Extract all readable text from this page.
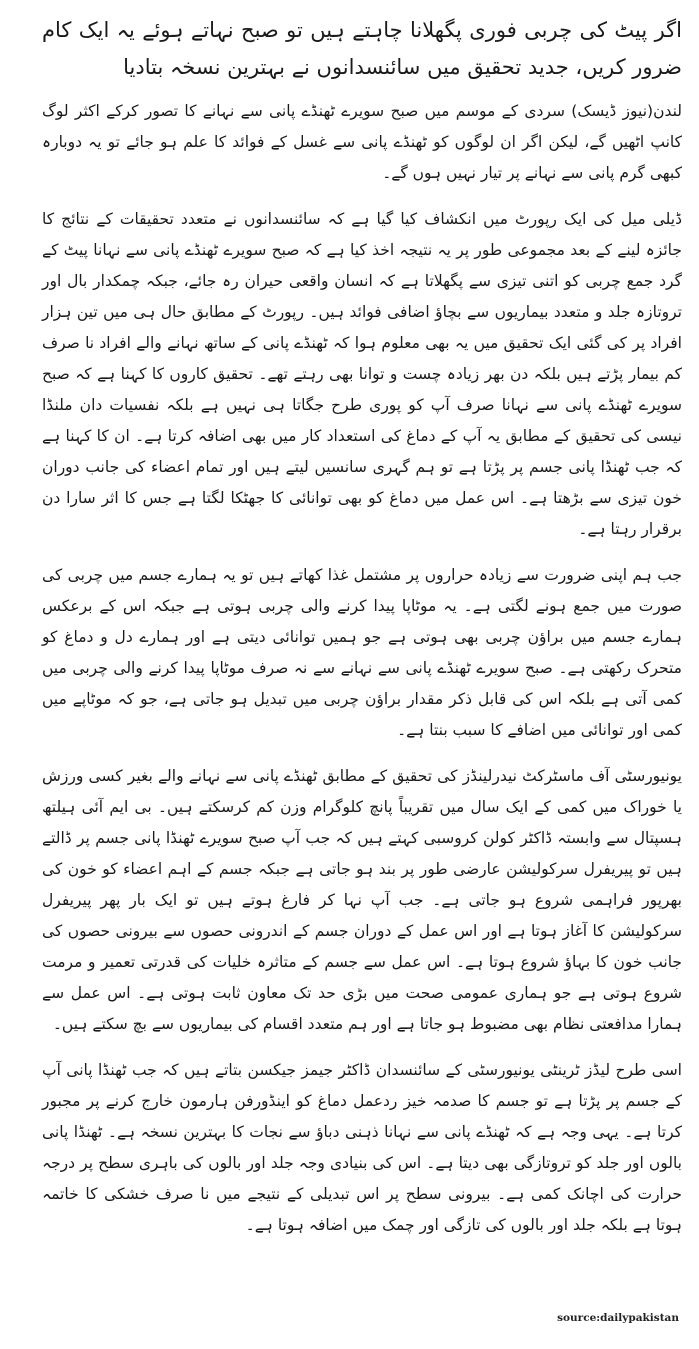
اگر پیٹ کی چربی فوری پگھلانا چاہتے ہیں تو صبح نہاتے ہوئے یہ ایک کام ضرور کریں، جدید تحقیق میں سائنسدانوں نے بہترین نسخہ بتادیا

لندن(نیوز ڈیسک) سردی کے موسم میں صبح سویرے ٹھنڈے پانی سے نہانے کا تصور کرکے اکثر لوگ کانپ اٹھیں گے، لیکن اگر ان لوگوں کو ٹھنڈے پانی سے غسل کے فوائد کا علم ہو جائے تو یہ دوبارہ کبھی گرم پانی سے نہانے پر تیار نہیں ہوں گے۔

ڈیلی میل کی ایک رپورٹ میں انکشاف کیا گیا ہے کہ سائنسدانوں نے متعدد تحقیقات کے نتائج کا جائزہ لینے کے بعد مجموعی طور پر یہ نتیجہ اخذ کیا ہے کہ صبح سویرے ٹھنڈے پانی سے نہانا پیٹ کے گرد جمع چربی کو اتنی تیزی سے پگھلاتا ہے کہ انسان واقعی حیران رہ جائے، جبکہ چمکدار بال اور تروتازہ جلد و متعدد بیماریوں سے بچاؤ اضافی فوائد ہیں۔ رپورٹ کے مطابق حال ہی میں تین ہزار افراد پر کی گئی ایک تحقیق میں یہ بھی معلوم ہوا کہ ٹھنڈے پانی کے ساتھ نہانے والے افراد نا صرف کم بیمار پڑتے ہیں بلکہ دن بھر زیادہ چست و توانا بھی رہتے تھے۔ تحقیق کاروں کا کہنا ہے کہ صبح سویرے ٹھنڈے پانی سے نہانا صرف آپ کو پوری طرح جگاتا ہی نہیں ہے بلکہ نفسیات دان ملنڈا نیسی کی تحقیق کے مطابق یہ آپ کے دماغ کی استعداد کار میں بھی اضافہ کرتا ہے۔ ان کا کہنا ہے کہ جب ٹھنڈا پانی جسم پر پڑتا ہے تو ہم گہری سانسیں لیتے ہیں اور تمام اعضاء کی جانب دوران خون تیزی سے بڑھتا ہے۔ اس عمل میں دماغ کو بھی توانائی کا جھٹکا لگتا ہے جس کا اثر سارا دن برقرار رہتا ہے۔

جب ہم اپنی ضرورت سے زیادہ حراروں پر مشتمل غذا کھاتے ہیں تو یہ ہمارے جسم میں چربی کی صورت میں جمع ہونے لگتی ہے۔ یہ موٹاپا پیدا کرنے والی چربی ہوتی ہے جبکہ اس کے برعکس ہمارے جسم میں براؤن چربی بھی ہوتی ہے جو ہمیں توانائی دیتی ہے اور ہمارے دل و دماغ کو متحرک رکھتی ہے۔ صبح سویرے ٹھنڈے پانی سے نہانے سے نہ صرف موٹاپا پیدا کرنے والی چربی میں کمی آتی ہے بلکہ اس کی قابل ذکر مقدار براؤن چربی میں تبدیل ہو جاتی ہے، جو کہ موٹاپے میں کمی اور توانائی میں اضافے کا سبب بنتا ہے۔

یونیورسٹی آف ماسٹرکٹ نیدرلینڈز کی تحقیق کے مطابق ٹھنڈے پانی سے نہانے والے بغیر کسی ورزش یا خوراک میں کمی کے ایک سال میں تقریباً پانچ کلوگرام وزن کم کرسکتے ہیں۔ بی ایم آئی ہیلتھ ہسپتال سے وابستہ ڈاکٹر کولن کروسبی کہتے ہیں کہ جب آپ صبح سویرے ٹھنڈا پانی جسم پر ڈالتے ہیں تو پیریفرل سرکولیشن عارضی طور پر بند ہو جاتی ہے جبکہ جسم کے اہم اعضاء کو خون کی بھرپور فراہمی شروع ہو جاتی ہے۔ جب آپ نہا کر فارغ ہوتے ہیں تو ایک بار پھر پیریفرل سرکولیشن کا آغاز ہوتا ہے اور اس عمل کے دوران جسم کے اندرونی حصوں سے بیرونی حصوں کی جانب خون کا بہاؤ شروع ہوتا ہے۔ اس عمل سے جسم کے متاثرہ خلیات کی قدرتی تعمیر و مرمت شروع ہوتی ہے جو ہماری عمومی صحت میں بڑی حد تک معاون ثابت ہوتی ہے۔ اس عمل سے ہمارا مدافعتی نظام بھی مضبوط ہو جاتا ہے اور ہم متعدد اقسام کی بیماریوں سے بچ سکتے ہیں۔

اسی طرح لیڈز ٹرینٹی یونیورسٹی کے سائنسدان ڈاکٹر جیمز جیکسن بتاتے ہیں کہ جب ٹھنڈا پانی آپ کے جسم پر پڑتا ہے تو جسم کا صدمہ خیز ردعمل دماغ کو اینڈورفن ہارمون خارج کرنے پر مجبور کرتا ہے۔ یہی وجہ ہے کہ ٹھنڈے پانی سے نہانا ذہنی دباؤ سے نجات کا بہترین نسخہ ہے۔ ٹھنڈا پانی بالوں اور جلد کو تروتازگی بھی دیتا ہے۔ اس کی بنیادی وجہ جلد اور بالوں کی باہری سطح پر درجہ حرارت کی اچانک کمی ہے۔ بیرونی سطح پر اس تبدیلی کے نتیجے میں نا صرف خشکی کا خاتمہ ہوتا ہے بلکہ جلد اور بالوں کی تازگی اور چمک میں اضافہ ہوتا ہے۔

source:dailypakistan
